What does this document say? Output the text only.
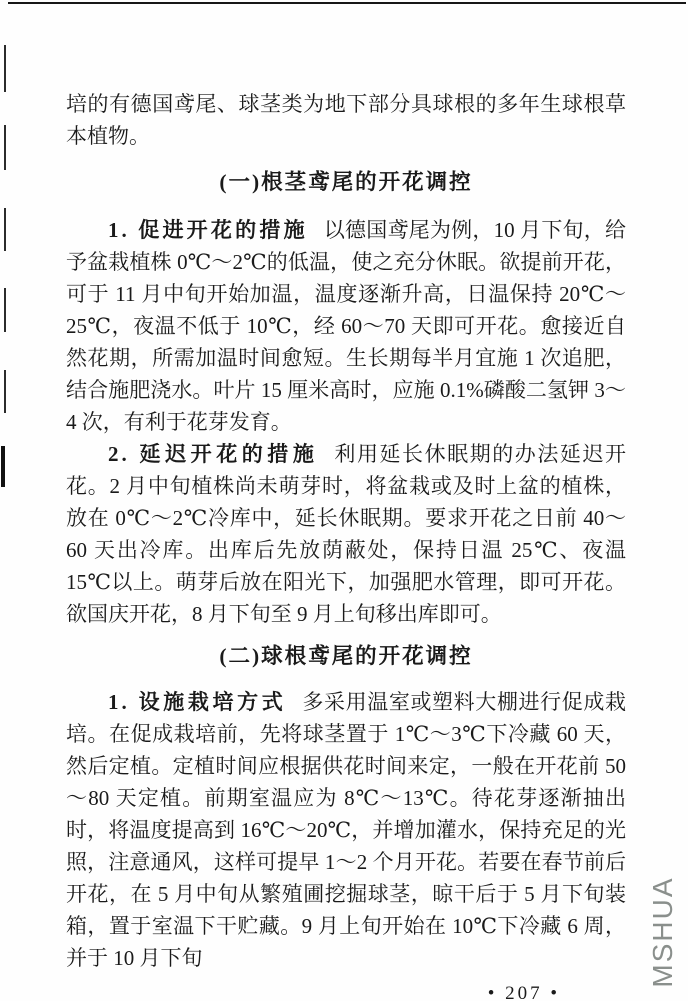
培的有德国鸢尾、球茎类为地下部分具球根的多年生球根草本植物。

(一)根茎鸢尾的开花调控

1. 促进开花的措施 以德国鸢尾为例，10 月下旬，给予盆栽植株 0℃～2℃的低温，使之充分休眠。欲提前开花，可于 11 月中旬开始加温，温度逐渐升高，日温保持 20℃～25℃，夜温不低于 10℃，经 60～70 天即可开花。愈接近自然花期，所需加温时间愈短。生长期每半月宜施 1 次追肥，结合施肥浇水。叶片 15 厘米高时，应施 0.1%磷酸二氢钾 3～4 次，有利于花芽发育。

2. 延迟开花的措施 利用延长休眠期的办法延迟开花。2 月中旬植株尚未萌芽时，将盆栽或及时上盆的植株，放在 0℃～2℃冷库中，延长休眠期。要求开花之日前 40～60 天出冷库。出库后先放荫蔽处，保持日温 25℃、夜温 15℃以上。萌芽后放在阳光下，加强肥水管理，即可开花。欲国庆开花，8 月下旬至 9 月上旬移出库即可。

(二)球根鸢尾的开花调控

1. 设施栽培方式 多采用温室或塑料大棚进行促成栽培。在促成栽培前，先将球茎置于 1℃～3℃下冷藏 60 天，然后定植。定植时间应根据供花时间来定，一般在开花前 50～80 天定植。前期室温应为 8℃～13℃。待花芽逐渐抽出时，将温度提高到 16℃～20℃，并增加灌水，保持充足的光照，注意通风，这样可提早 1～2 个月开花。若要在春节前后开花，在 5 月中旬从繁殖圃挖掘球茎，晾干后于 5 月下旬装箱，置于室温下干贮藏。9 月上旬开始在 10℃下冷藏 6 周，并于 10 月下旬

• 207 •
MSHUA
